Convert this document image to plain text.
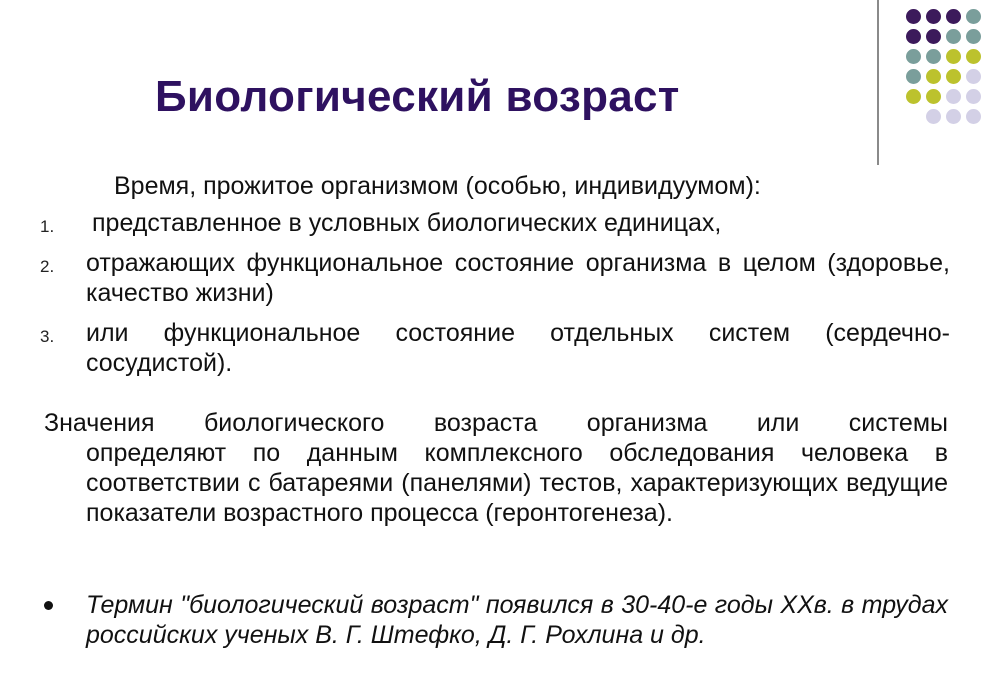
Биологический возраст
Время, прожитое организмом (особью, индивидуумом):
1. представленное в условных биологических единицах,
2. отражающих функциональное состояние организма в целом (здоровье, качество жизни)
3. или функциональное состояние отдельных систем (сердечно-сосудистой).
Значения биологического возраста организма или системы
определяют по данным комплексного обследования человека в соответствии с батареями (панелями) тестов, характеризующих ведущие показатели возрастного процесса (геронтогенеза).
Термин "биологический возраст" появился в 30-40-е годы XXв. в трудах российских ученых В. Г. Штефко, Д. Г. Рохлина и др.
